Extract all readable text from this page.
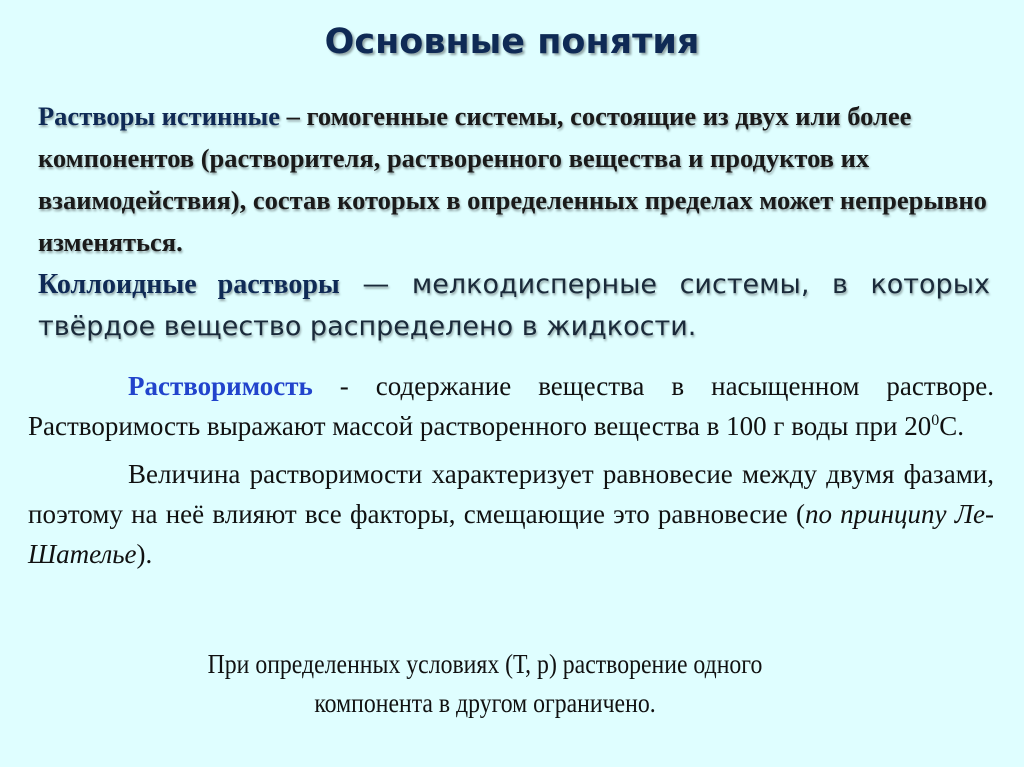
Основные понятия
Растворы истинные – гомогенные системы, состоящие из двух или более компонентов (растворителя, растворенного вещества и продуктов их взаимодействия), состав которых в определенных пределах может непрерывно изменяться.
Коллоидные растворы — мелкодисперные системы, в которых твёрдое вещество распределено в жидкости.

Растворимость - содержание вещества в насыщенном растворе. Растворимость выражают массой растворенного вещества в 100 г воды при $20^0С$.

Величина растворимости характеризует равновесие между двумя фазами, поэтому на неё влияют все факторы, смещающие это равновесие (по принципу Ле-Шателье).

При определенных условиях (Т, р) растворение одного
компонента в другом ограничено.
